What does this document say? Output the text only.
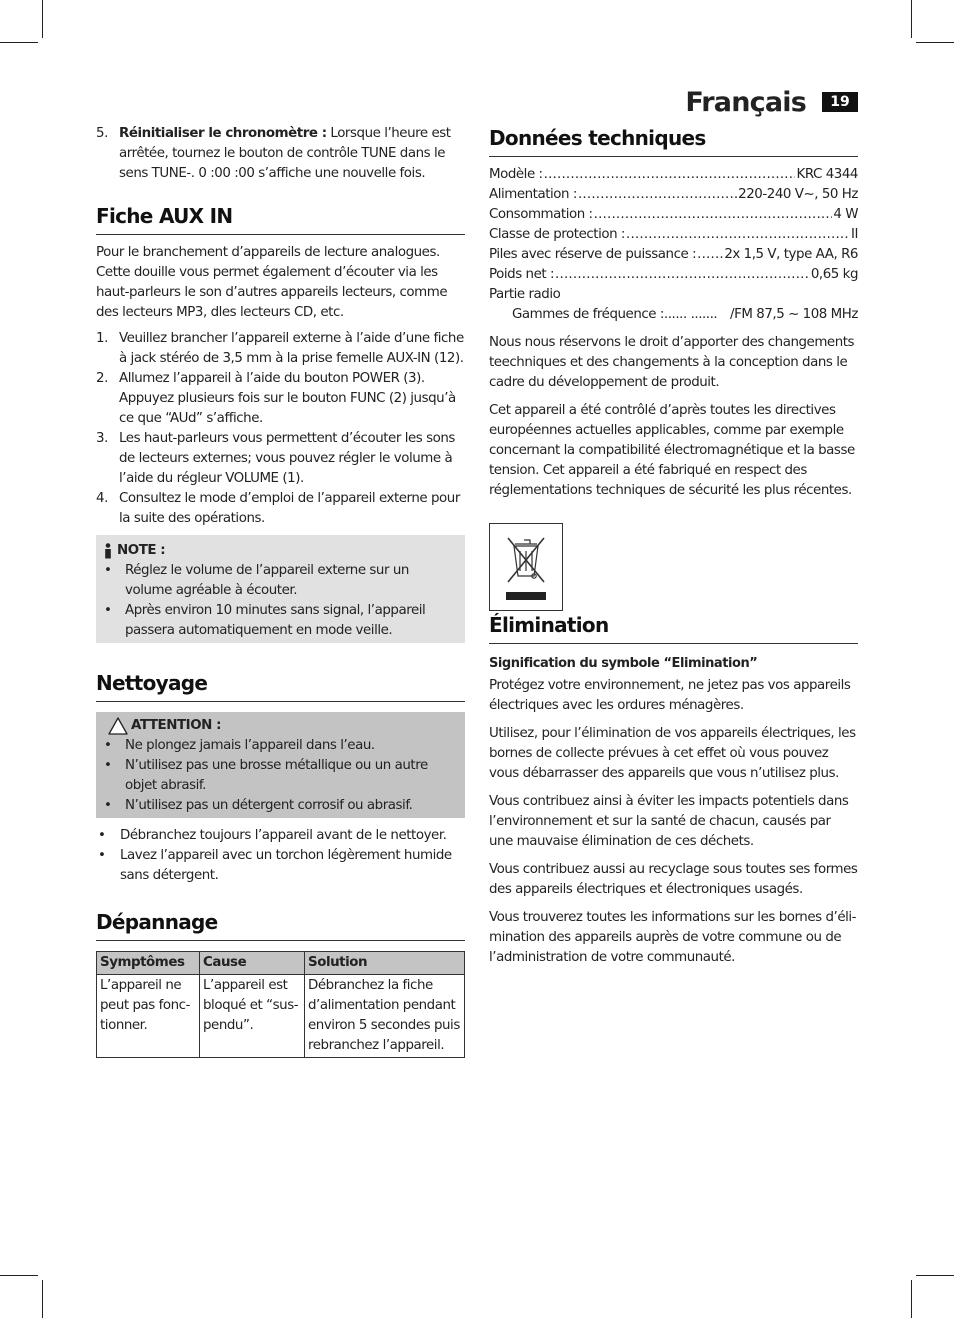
Français	19
5. Réinitialiser le chronomètre : Lorsque l’heure est arrêtée, tournez le bouton de contrôle TUNE dans le sens TUNE-. 0 :00 :00 s’affiche une nouvelle fois.
Fiche AUX IN

Pour le branchement d’appareils de lecture analogues. Cette douille vous permet également d’écouter via les haut-parleurs le son d’autres appareils lecteurs, comme des lecteurs MP3, dles lecteurs CD, etc.

1. Veuillez brancher l’appareil externe à l’aide d’une fiche à jack stéréo de 3,5 mm à la prise femelle AUX-IN (12).
2. Allumez l’appareil à l’aide du bouton POWER (3). Appuyez plusieurs fois sur le bouton FUNC (2) jusqu’à ce que “AUd” s’affiche.
3. Les haut-parleurs vous permettent d’écouter les sons de lecteurs externes; vous pouvez régler le volume à l’aide du régleur VOLUME (1).
4. Consultez le mode d’emploi de l’appareil externe pour la suite des opérations.
NOTE :
• Réglez le volume de l’appareil externe sur un volume agréable à écouter.
• Après environ 10 minutes sans signal, l’appareil passera automatiquement en mode veille.
Nettoyage
ATTENTION :
• Ne plongez jamais l’appareil dans l’eau.
• N’utilisez pas une brosse métallique ou un autre objet abrasif.
• N’utilisez pas un détergent corrosif ou abrasif.
• Débranchez toujours l’appareil avant de le nettoyer.
• Lavez l’appareil avec un torchon légèrement humide sans détergent.
Dépannage
Symptômes	Cause	Solution
L’appareil ne peut pas fonctionner.	L’appareil est bloqué et “suspendu”.	Débranchez la fiche d’alimentation pendant environ 5 secondes puis rebranchez l’appareil.
Données techniques
Modèle : .....	KRC 4344
Alimentation : .....	220-240 V~, 50 Hz
Consommation : .....	4 W
Classe de protection : .....	II
Piles avec réserve de puissance : ..... 2x 1,5 V, type AA, R6
Poids net : .....	0,65 kg
Partie radio
Gammes de fréquence :...... ....... /FM 87,5 ~ 108 MHz

Nous nous réservons le droit d’apporter des changements teechniques et des changements à la conception dans le cadre du développement de produit.

Cet appareil a été contrôlé d’après toutes les directives européennes actuelles applicables, comme par exemple concernant la compatibilité électromagnétique et la basse tension. Cet appareil a été fabriqué en respect des réglementations techniques de sécurité les plus récentes.

Élimination
Signification du symbole “Elimination”

Protégez votre environnement, ne jetez pas vos appareils électriques avec les ordures ménagères.

Utilisez, pour l’élimination de vos appareils électriques, les bornes de collecte prévues à cet effet où vous pouvez vous débarrasser des appareils que vous n’utilisez plus.

Vous contribuez ainsi à éviter les impacts potentiels dans l’environnement et sur la santé de chacun, causés par une mauvaise élimination de ces déchets.

Vous contribuez aussi au recyclage sous toutes ses formes des appareils électriques et électroniques usagés.

Vous trouverez toutes les informations sur les bornes d’élimination des appareils auprès de votre commune ou de l’administration de votre communauté.
